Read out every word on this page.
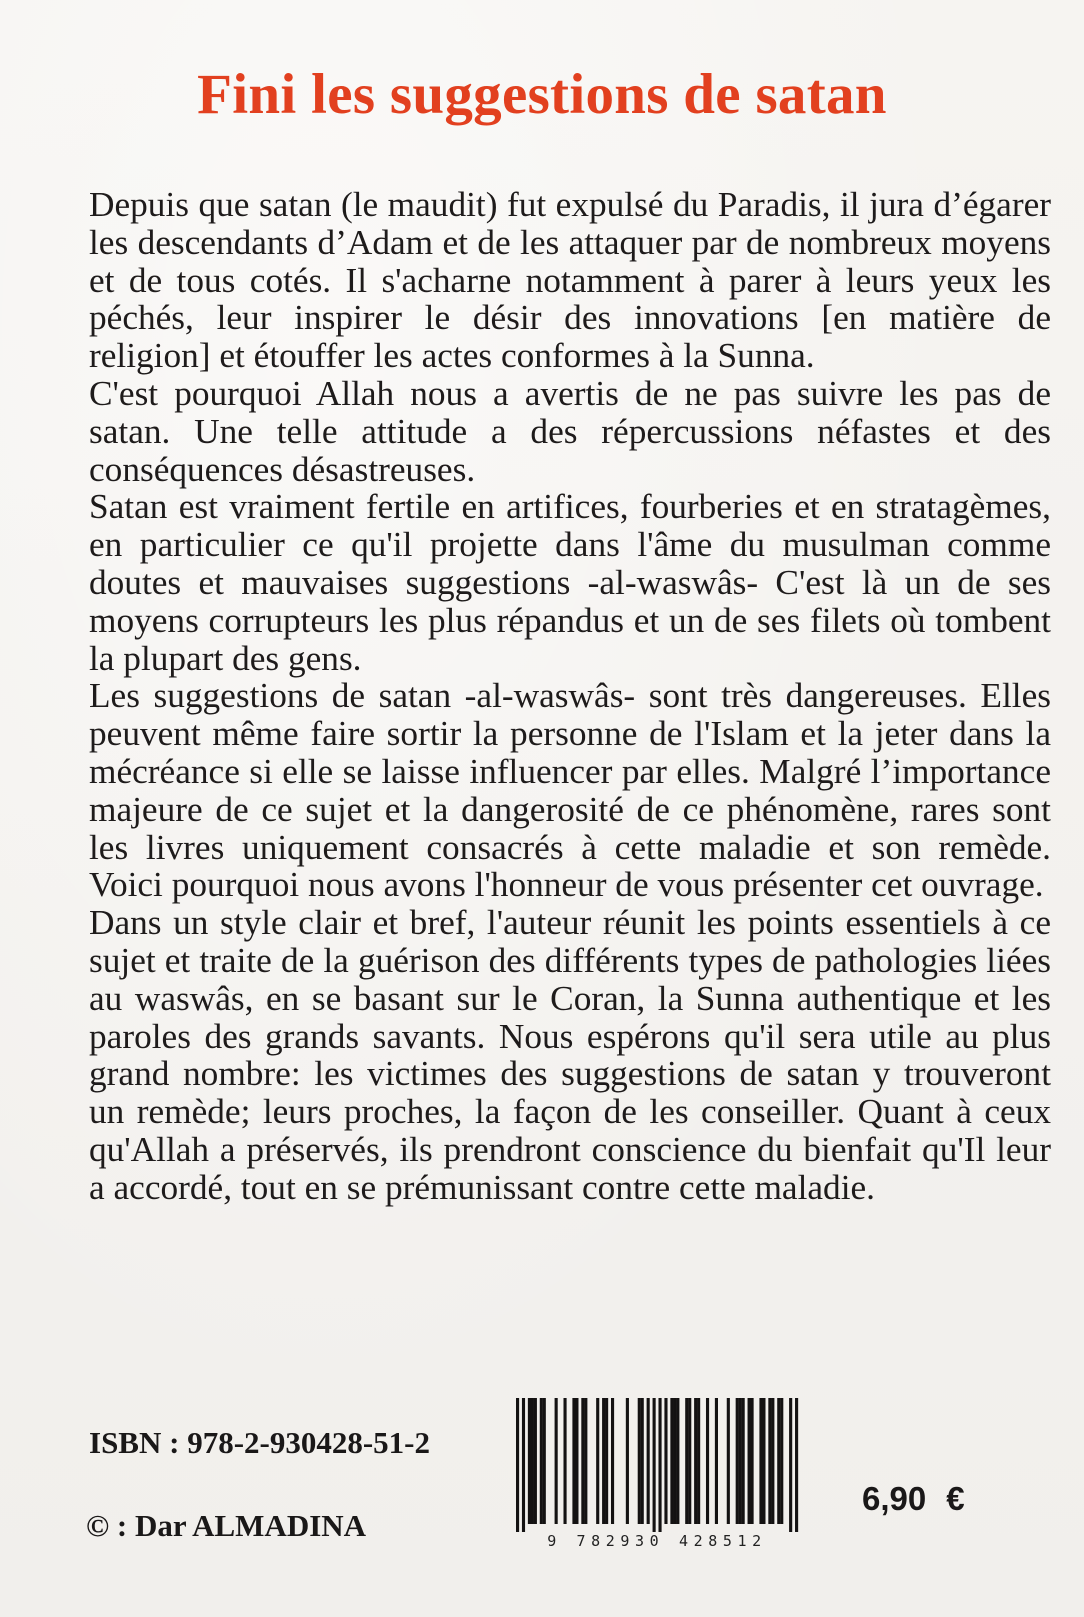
Fini les suggestions de satan

Depuis que satan (le maudit) fut expulsé du Paradis, il jura d’égarer les descendants d’Adam et de les attaquer par de nombreux moyens et de tous cotés. Il s'acharne notamment à parer à leurs yeux les péchés, leur inspirer le désir des innovations [en matière de religion] et étouffer les actes conformes à la Sunna.

C'est pourquoi Allah nous a avertis de ne pas suivre les pas de satan. Une telle attitude a des répercussions néfastes et des conséquences désastreuses.

Satan est vraiment fertile en artifices, fourberies et en stratagèmes, en particulier ce qu'il projette dans l'âme du musulman comme doutes et mauvaises suggestions -al-waswâs- C'est là un de ses moyens corrupteurs les plus répandus et un de ses filets où tombent la plupart des gens.

Les suggestions de satan -al-waswâs- sont très dangereuses. Elles peuvent même faire sortir la personne de l'Islam et la jeter dans la mécréance si elle se laisse influencer par elles. Malgré l’importance majeure de ce sujet et la dangerosité de ce phénomène, rares sont les livres uniquement consacrés à cette maladie et son remède. Voici pourquoi nous avons l'honneur de vous présenter cet ouvrage.

Dans un style clair et bref, l'auteur réunit les points essentiels à ce sujet et traite de la guérison des différents types de pathologies liées au waswâs, en se basant sur le Coran, la Sunna authentique et les paroles des grands savants. Nous espérons qu'il sera utile au plus grand nombre: les victimes des suggestions de satan y trouveront un remède; leurs proches, la façon de les conseiller. Quant à ceux qu'Allah a préservés, ils prendront conscience du bienfait qu'Il leur a accordé, tout en se prémunissant contre cette maladie.

ISBN : 978-2-930428-51-2
© : Dar ALMADINA	9 782930 428512
6,90 €
